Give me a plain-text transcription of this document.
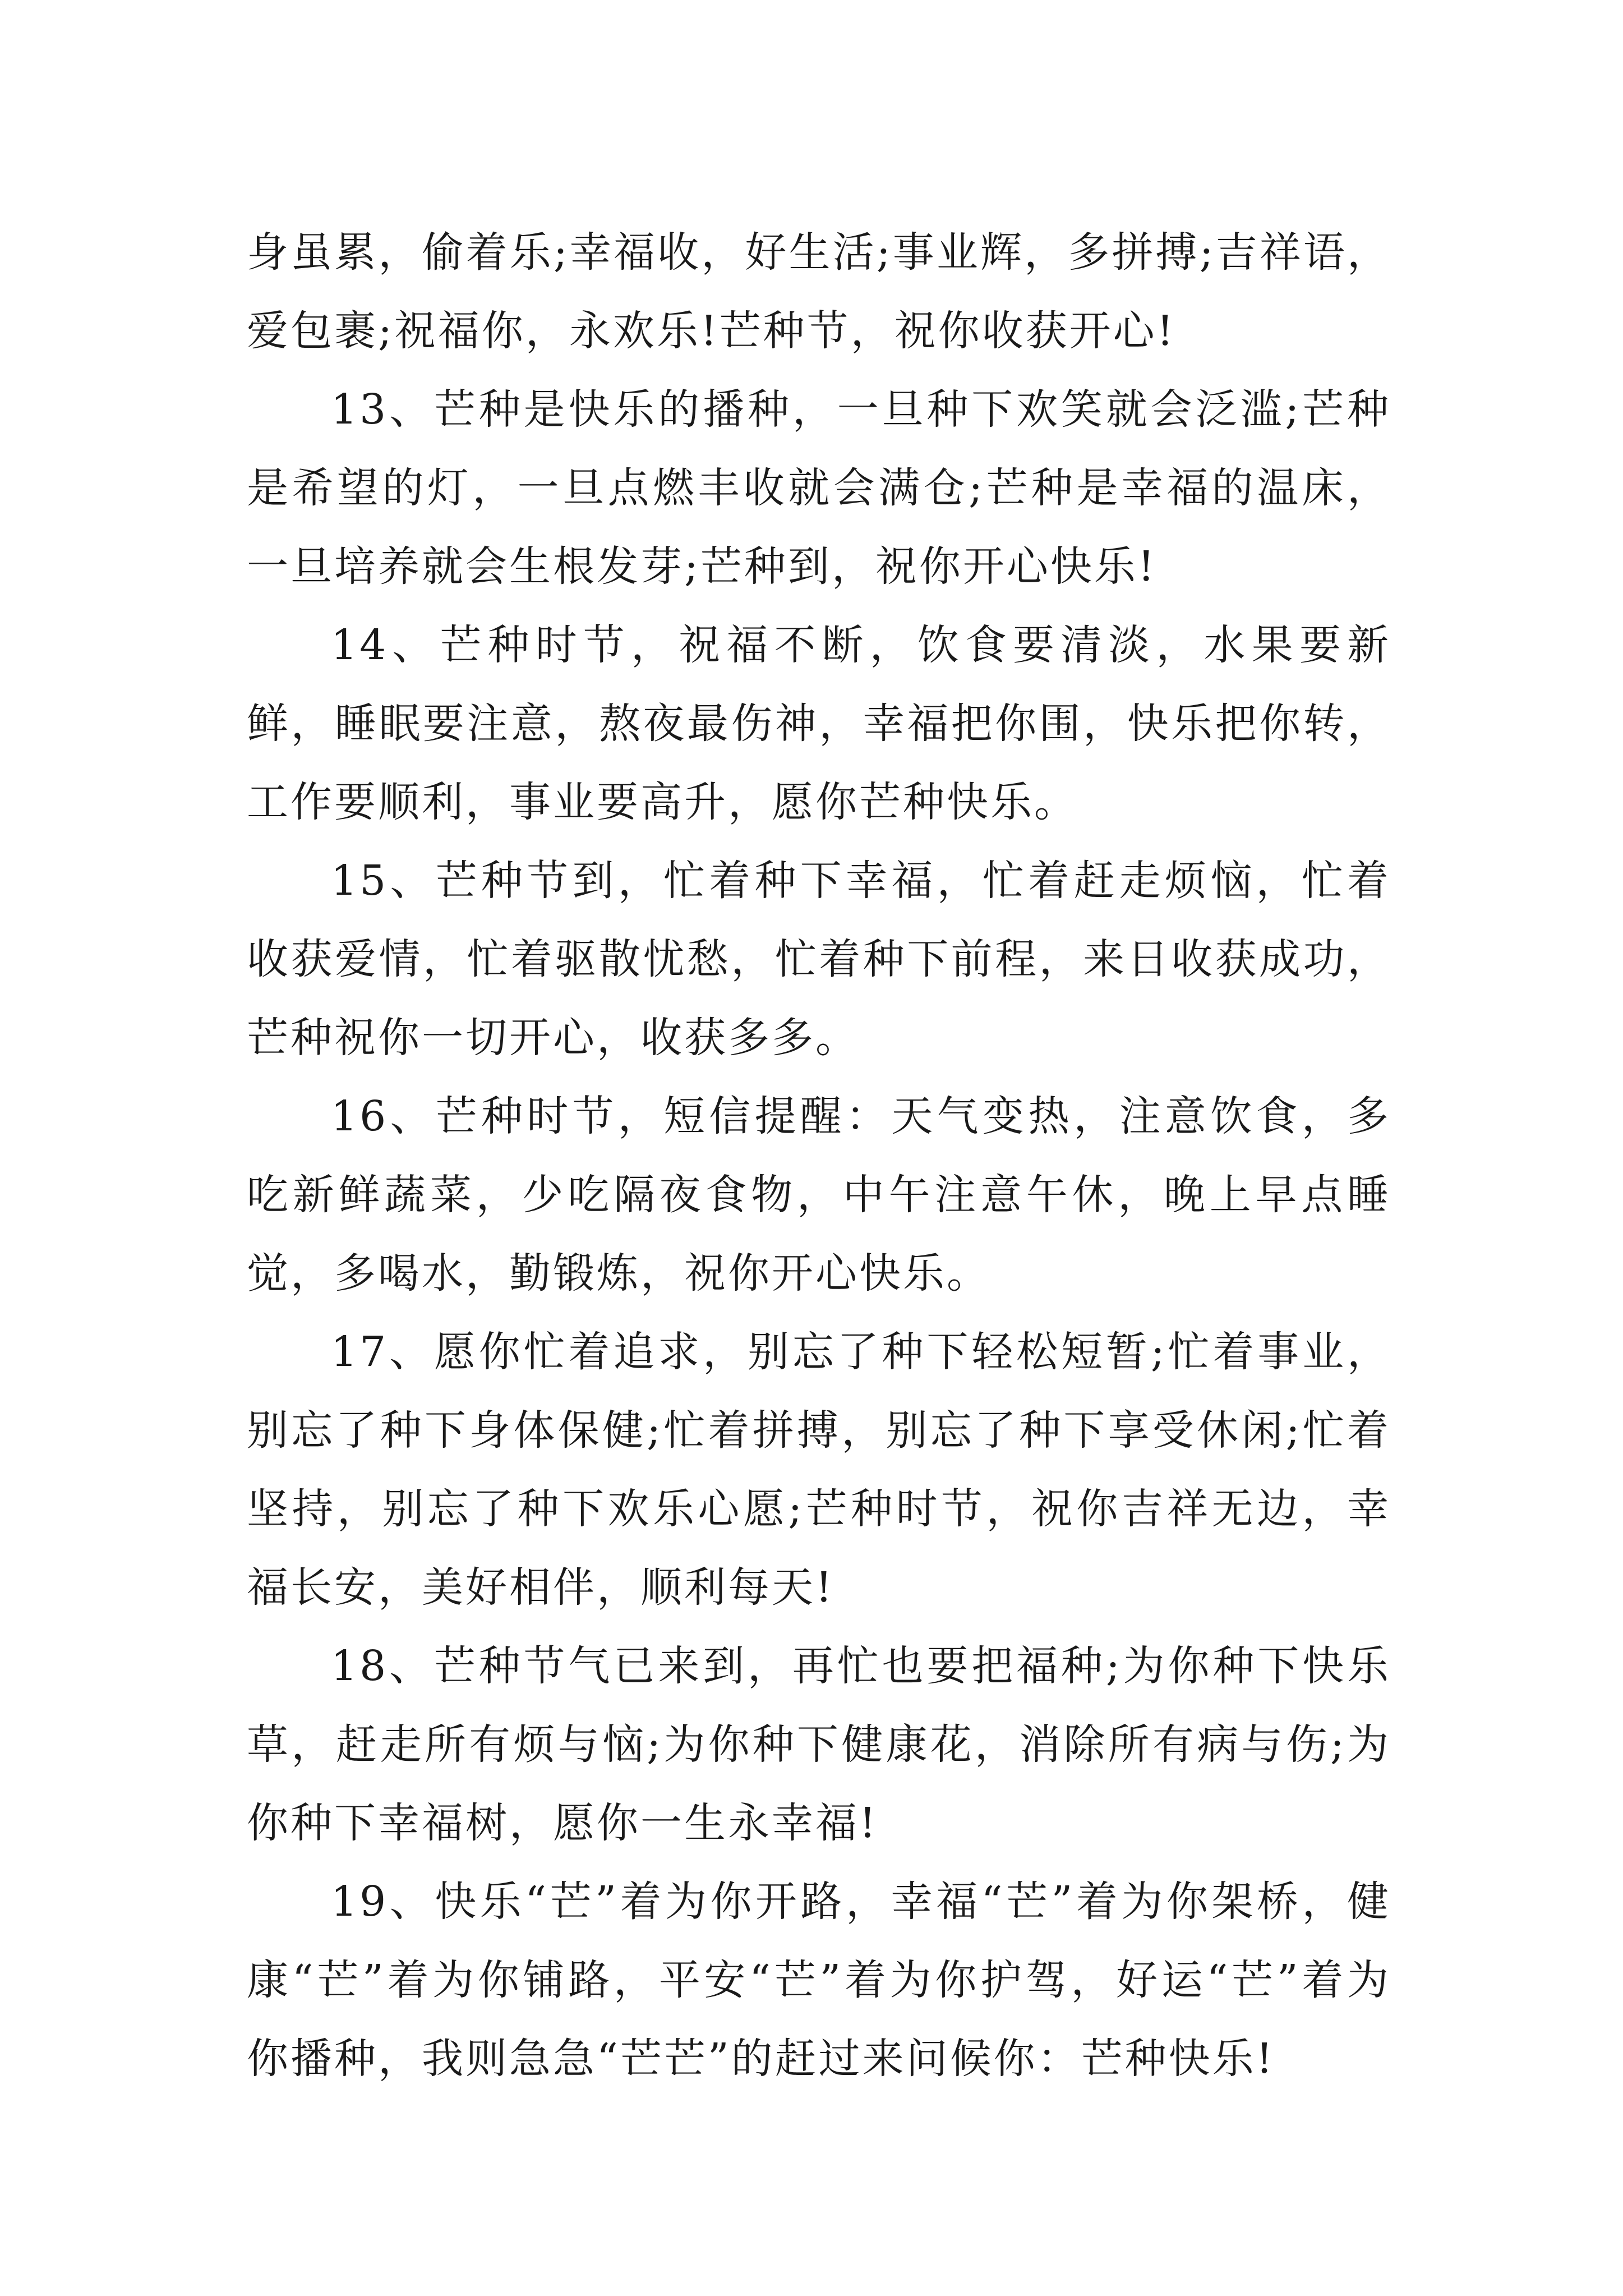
身虽累，偷着乐;幸福收，好生活;事业辉，多拼搏;吉祥语，爱包裹;祝福你，永欢乐!芒种节，祝你收获开心!

13、芒种是快乐的播种，一旦种下欢笑就会泛滥;芒种是希望的灯，一旦点燃丰收就会满仓;芒种是幸福的温床，一旦培养就会生根发芽;芒种到，祝你开心快乐!

14、芒种时节，祝福不断，饮食要清淡，水果要新鲜，睡眠要注意，熬夜最伤神，幸福把你围，快乐把你转，工作要顺利，事业要高升，愿你芒种快乐。

15、芒种节到，忙着种下幸福，忙着赶走烦恼，忙着收获爱情，忙着驱散忧愁，忙着种下前程，来日收获成功，芒种祝你一切开心，收获多多。

16、芒种时节，短信提醒：天气变热，注意饮食，多吃新鲜蔬菜，少吃隔夜食物，中午注意午休，晚上早点睡觉，多喝水，勤锻炼，祝你开心快乐。

17、愿你忙着追求，别忘了种下轻松短暂;忙着事业，别忘了种下身体保健;忙着拼搏，别忘了种下享受休闲;忙着坚持，别忘了种下欢乐心愿;芒种时节，祝你吉祥无边，幸福长安，美好相伴，顺利每天!

18、芒种节气已来到，再忙也要把福种;为你种下快乐草，赶走所有烦与恼;为你种下健康花，消除所有病与伤;为你种下幸福树，愿你一生永幸福!

19、快乐“芒”着为你开路，幸福“芒”着为你架桥，健康“芒”着为你铺路，平安“芒”着为你护驾，好运“芒”着为你播种，我则急急“芒芒”的赶过来问候你：芒种快乐!
